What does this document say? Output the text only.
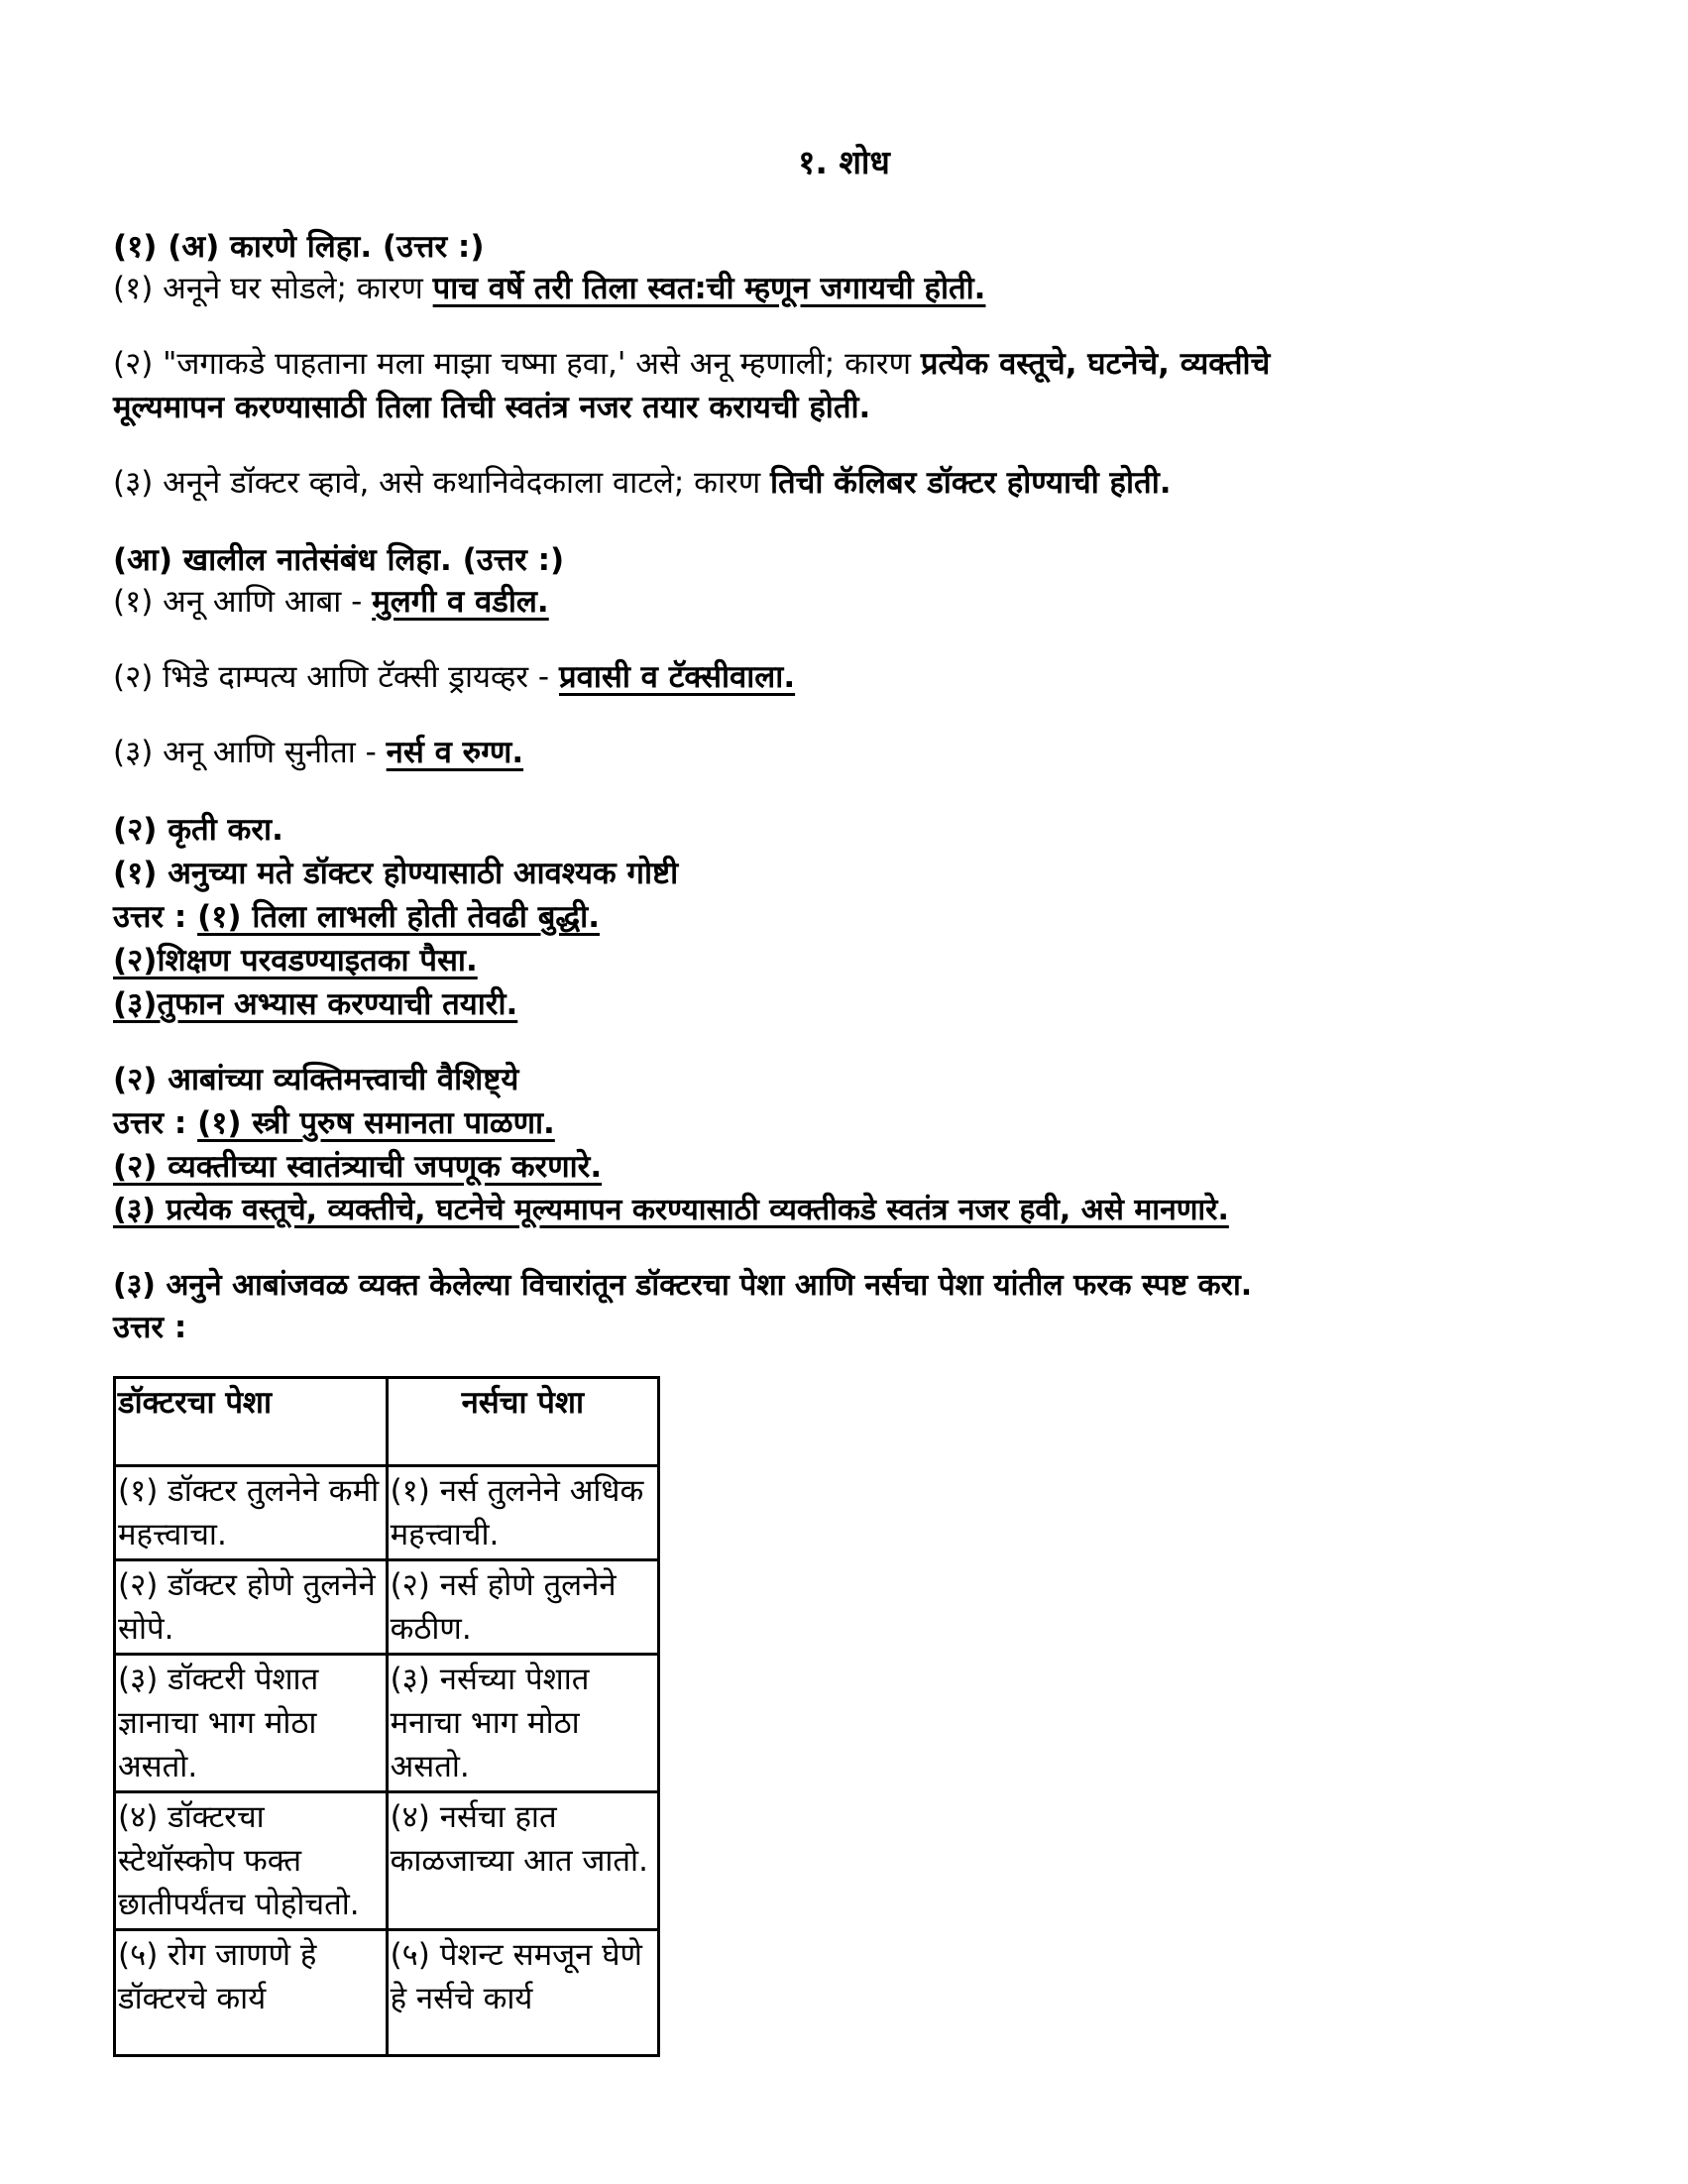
१. शोध
(१) (अ) कारणे लिहा. (उत्तर :)
(१) अनूने घर सोडले; कारण पाच वर्षे तरी तिला स्वत:ची म्हणून जगायची होती.
(२) "जगाकडे पाहताना मला माझा चष्मा हवा,' असे अनू म्हणाली; कारण प्रत्येक वस्तूचे, घटनेचे, व्यक्तीचे
मूल्यमापन करण्यासाठी तिला तिची स्वतंत्र नजर तयार करायची होती.
(३) अनूने डॉक्टर व्हावे, असे कथानिवेदकाला वाटले; कारण तिची कॅलिबर डॉक्टर होण्याची होती.
(आ) खालील नातेसंबंध लिहा. (उत्तर :)
(१) अनू आणि आबा - मुलगी व वडील.
(२) भिडे दाम्पत्य आणि टॅक्सी ड्रायव्हर - प्रवासी व टॅक्सीवाला.
(३) अनू आणि सुनीता - नर्स व रुग्ण.
(२) कृती करा.
(१) अनुच्या मते डॉक्टर होण्यासाठी आवश्यक गोष्टी
उत्तर : (१) तिला लाभली होती तेवढी बुद्धी.
(२)शिक्षण परवडण्याइतका पैसा.
(३)तुफान अभ्यास करण्याची तयारी.
(२) आबांच्या व्यक्तिमत्त्वाची वैशिष्ट्ये
उत्तर : (१) स्त्री पुरुष समानता पाळणा.
(२) व्यक्तीच्या स्वातंत्र्याची जपणूक करणारे.
(३) प्रत्येक वस्तूचे, व्यक्तीचे, घटनेचे मूल्यमापन करण्यासाठी व्यक्तीकडे स्वतंत्र नजर हवी, असे मानणारे.
(३) अनुने आबांजवळ व्यक्त केलेल्या विचारांतून डॉक्टरचा पेशा आणि नर्सचा पेशा यांतील फरक स्पष्ट करा.
उत्तर :
डॉक्टरचा पेशा	नर्सचा पेशा
(१) डॉक्टर तुलनेने कमी महत्त्वाचा.	(१) नर्स तुलनेने अधिक महत्त्वाची.
(२) डॉक्टर होणे तुलनेने सोपे.	(२) नर्स होणे तुलनेने कठीण.
(३) डॉक्टरी पेशात ज्ञानाचा भाग मोठा असतो.	(३) नर्सच्या पेशात मनाचा भाग मोठा असतो.
(४) डॉक्टरचा स्टेथॉस्कोप फक्त छातीपर्यंतच पोहोचतो.	(४) नर्सचा हात काळजाच्या आत जातो.
(५) रोग जाणणे हे डॉक्टरचे कार्य	(५) पेशन्ट समजून घेणे हे नर्सचे कार्य
